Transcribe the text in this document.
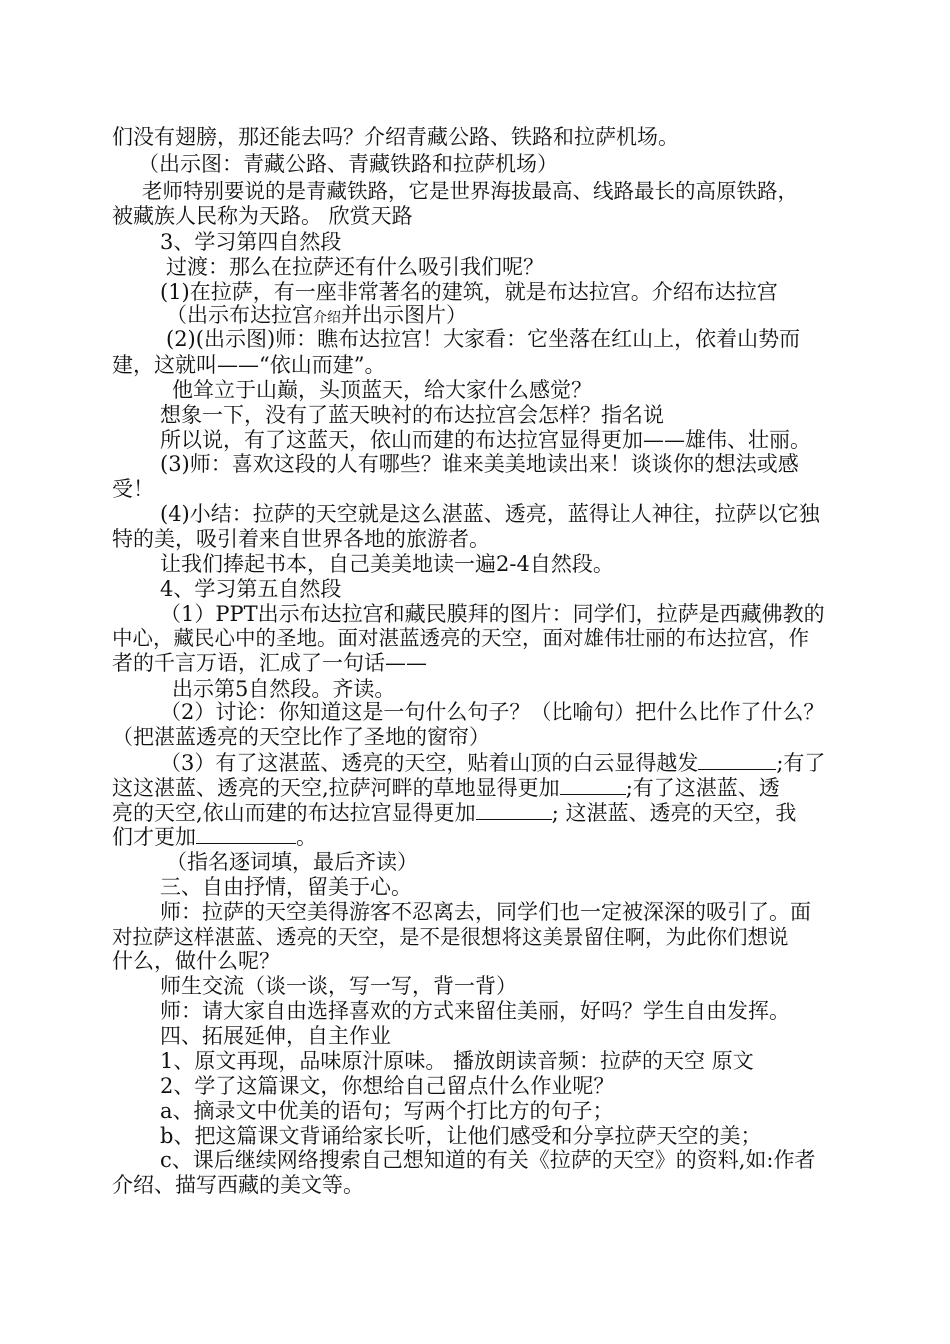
们没有翅膀，那还能去吗？介绍青藏公路、铁路和拉萨机场。
（出示图：青藏公路、青藏铁路和拉萨机场）
老师特别要说的是青藏铁路，它是世界海拔最高、线路最长的高原铁路，
被藏族人民称为天路。 欣赏天路
3、学习第四自然段
过渡：那么在拉萨还有什么吸引我们呢？
(1)在拉萨，有一座非常著名的建筑，就是布达拉宫。介绍布达拉宫
（出示布达拉宫介绍并出示图片）
(2)(出示图)师：瞧布达拉宫！大家看：它坐落在红山上，依着山势而
建，这就叫——“依山而建”。
他耸立于山巅，头顶蓝天，给大家什么感觉？
想象一下，没有了蓝天映衬的布达拉宫会怎样？指名说
所以说，有了这蓝天，依山而建的布达拉宫显得更加——雄伟、壮丽。
(3)师：喜欢这段的人有哪些？谁来美美地读出来！谈谈你的想法或感
受！
(4)小结：拉萨的天空就是这么湛蓝、透亮，蓝得让人神往，拉萨以它独
特的美，吸引着来自世界各地的旅游者。
让我们捧起书本，自己美美地读一遍2-4自然段。
4、学习第五自然段
（1）PPT出示布达拉宫和藏民膜拜的图片：同学们，拉萨是西藏佛教的
中心，藏民心中的圣地。面对湛蓝透亮的天空，面对雄伟壮丽的布达拉宫，作
者的千言万语，汇成了一句话——
出示第5自然段。齐读。
（2）讨论：你知道这是一句什么句子？（比喻句）把什么比作了什么？
（把湛蓝透亮的天空比作了圣地的窗帘）
（3）有了这湛蓝、透亮的天空，贴着山顶的白云显得越发	;有了
这这湛蓝、透亮的天空,拉萨河畔的草地显得更加	;有了这湛蓝、透
亮的天空,依山而建的布达拉宫显得更加	; 这湛蓝、透亮的天空，我
们才更加	。
（指名逐词填，最后齐读）
三、自由抒情，留美于心。
师：拉萨的天空美得游客不忍离去，同学们也一定被深深的吸引了。面
对拉萨这样湛蓝、透亮的天空，是不是很想将这美景留住啊，为此你们想说
什么，做什么呢？
师生交流（谈一谈，写一写，背一背）
师：请大家自由选择喜欢的方式来留住美丽，好吗？学生自由发挥。
四、拓展延伸，自主作业
1、原文再现，品味原汁原味。 播放朗读音频：拉萨的天空 原文
2、学了这篇课文，你想给自己留点什么作业呢？
a、摘录文中优美的语句；写两个打比方的句子；
b、把这篇课文背诵给家长听，让他们感受和分享拉萨天空的美；
c、课后继续网络搜索自己想知道的有关《拉萨的天空》的资料,如:作者
介绍、描写西藏的美文等。
